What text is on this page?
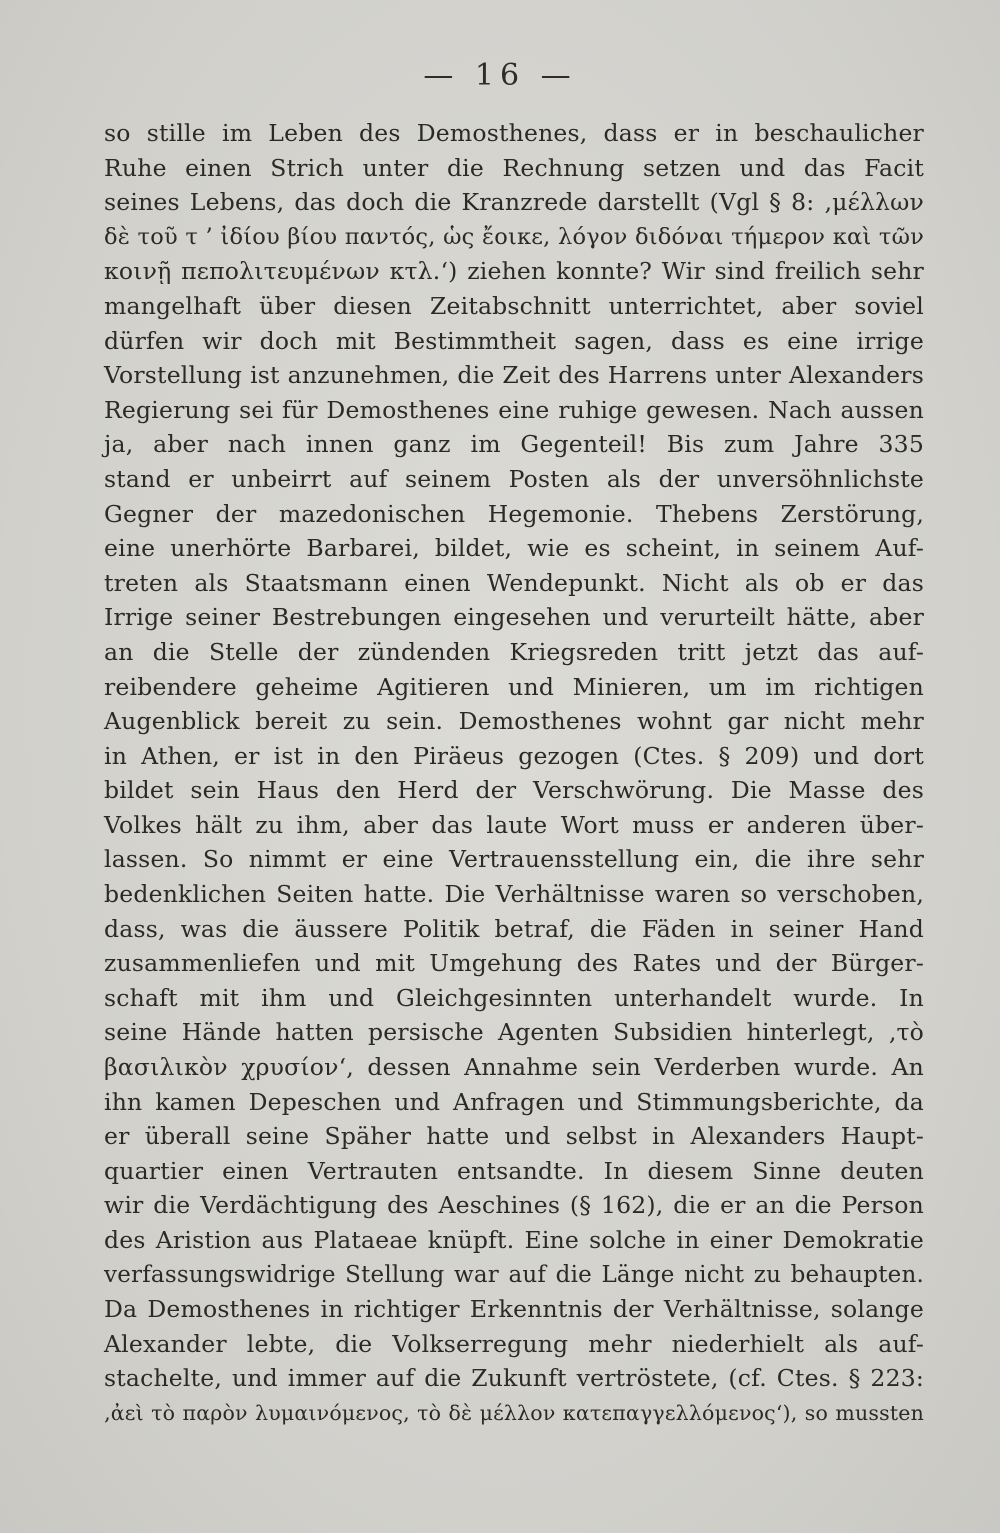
— 16 —
so stille im Leben des Demosthenes, dass er in beschaulicher
Ruhe einen Strich unter die Rechnung setzen und das Facit
seines Lebens, das doch die Kranzrede darstellt (Vgl § 8: ‚μέλλων
δὲ τοῦ τ ’ ἰδίου βίου παντός, ὡς ἔοικε, λόγον διδόναι τήμερον καὶ τῶν
κοινῇ πεπολιτευμένων κτλ.‘) ziehen konnte? Wir sind freilich sehr
mangelhaft über diesen Zeitabschnitt unterrichtet, aber soviel
dürfen wir doch mit Bestimmtheit sagen, dass es eine irrige
Vorstellung ist anzunehmen, die Zeit des Harrens unter Alexanders
Regierung sei für Demosthenes eine ruhige gewesen. Nach aussen
ja, aber nach innen ganz im Gegenteil! Bis zum Jahre 335
stand er unbeirrt auf seinem Posten als der unversöhnlichste
Gegner der mazedonischen Hegemonie. Thebens Zerstörung,
eine unerhörte Barbarei, bildet, wie es scheint, in seinem Auf-
treten als Staatsmann einen Wendepunkt. Nicht als ob er das
Irrige seiner Bestrebungen eingesehen und verurteilt hätte, aber
an die Stelle der zündenden Kriegsreden tritt jetzt das auf-
reibendere geheime Agitieren und Minieren, um im richtigen
Augenblick bereit zu sein. Demosthenes wohnt gar nicht mehr
in Athen, er ist in den Piräeus gezogen (Ctes. § 209) und dort
bildet sein Haus den Herd der Verschwörung. Die Masse des
Volkes hält zu ihm, aber das laute Wort muss er anderen über-
lassen. So nimmt er eine Vertrauensstellung ein, die ihre sehr
bedenklichen Seiten hatte. Die Verhältnisse waren so verschoben,
dass, was die äussere Politik betraf, die Fäden in seiner Hand
zusammenliefen und mit Umgehung des Rates und der Bürger-
schaft mit ihm und Gleichgesinnten unterhandelt wurde. In
seine Hände hatten persische Agenten Subsidien hinterlegt, ‚τὸ
βασιλικὸν χρυσίον‘, dessen Annahme sein Verderben wurde. An
ihn kamen Depeschen und Anfragen und Stimmungsberichte, da
er überall seine Späher hatte und selbst in Alexanders Haupt-
quartier einen Vertrauten entsandte. In diesem Sinne deuten
wir die Verdächtigung des Aeschines (§ 162), die er an die Person
des Aristion aus Plataeae knüpft. Eine solche in einer Demokratie
verfassungswidrige Stellung war auf die Länge nicht zu behaupten.
Da Demosthenes in richtiger Erkenntnis der Verhältnisse, solange
Alexander lebte, die Volkserregung mehr niederhielt als auf-
stachelte, und immer auf die Zukunft vertröstete, (cf. Ctes. § 223:
‚ἀεὶ τὸ παρὸν λυμαινόμενος, τὸ δὲ μέλλον κατεπαγγελλόμενος‘), so mussten
